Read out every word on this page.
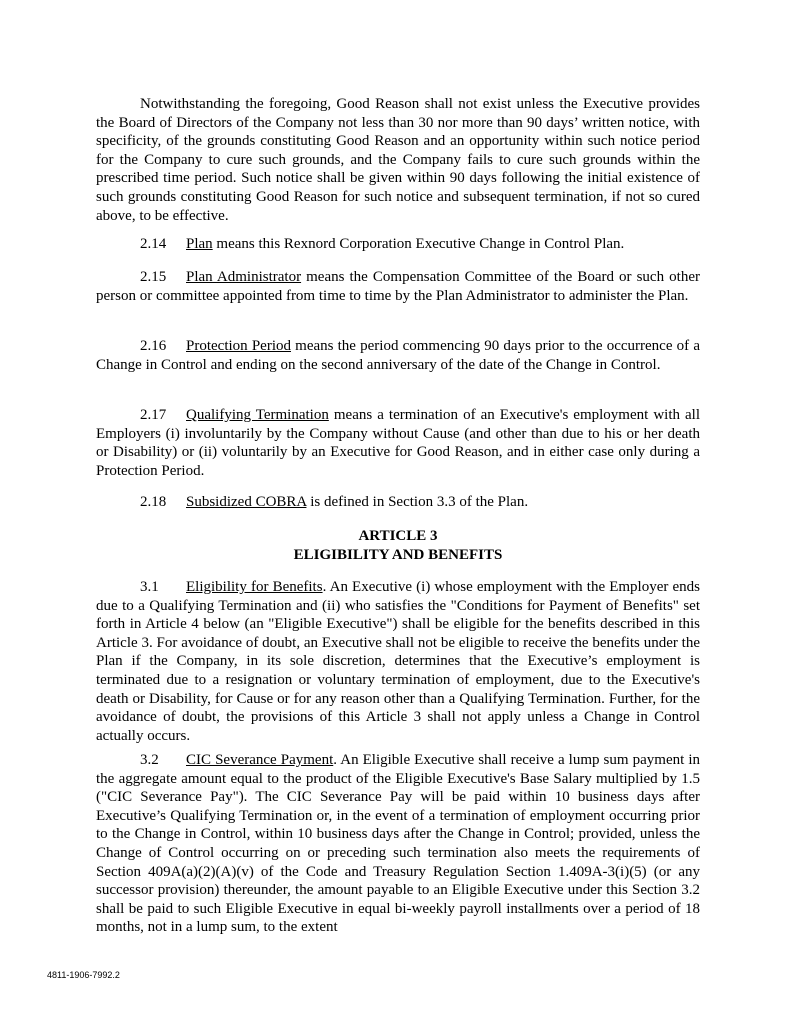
Notwithstanding the foregoing, Good Reason shall not exist unless the Executive provides the Board of Directors of the Company not less than 30 nor more than 90 days’ written notice, with specificity, of the grounds constituting Good Reason and an opportunity within such notice period for the Company to cure such grounds, and the Company fails to cure such grounds within the prescribed time period. Such notice shall be given within 90 days following the initial existence of such grounds constituting Good Reason for such notice and subsequent termination, if not so cured above, to be effective.

2.14 Plan means this Rexnord Corporation Executive Change in Control Plan.

2.15 Plan Administrator means the Compensation Committee of the Board or such other person or committee appointed from time to time by the Plan Administrator to administer the Plan.

2.16 Protection Period means the period commencing 90 days prior to the occurrence of a Change in Control and ending on the second anniversary of the date of the Change in Control.

2.17 Qualifying Termination means a termination of an Executive's employment with all Employers (i) involuntarily by the Company without Cause (and other than due to his or her death or Disability) or (ii) voluntarily by an Executive for Good Reason, and in either case only during a Protection Period.

2.18 Subsidized COBRA is defined in Section 3.3 of the Plan.

ARTICLE 3

ELIGIBILITY AND BENEFITS

3.1 Eligibility for Benefits. An Executive (i) whose employment with the Employer ends due to a Qualifying Termination and (ii) who satisfies the "Conditions for Payment of Benefits" set forth in Article 4 below (an "Eligible Executive") shall be eligible for the benefits described in this Article 3. For avoidance of doubt, an Executive shall not be eligible to receive the benefits under the Plan if the Company, in its sole discretion, determines that the Executive’s employment is terminated due to a resignation or voluntary termination of employment, due to the Executive's death or Disability, for Cause or for any reason other than a Qualifying Termination. Further, for the avoidance of doubt, the provisions of this Article 3 shall not apply unless a Change in Control actually occurs.

3.2 CIC Severance Payment. An Eligible Executive shall receive a lump sum payment in the aggregate amount equal to the product of the Eligible Executive's Base Salary multiplied by 1.5 ("CIC Severance Pay"). The CIC Severance Pay will be paid within 10 business days after Executive’s Qualifying Termination or, in the event of a termination of employment occurring prior to the Change in Control, within 10 business days after the Change in Control; provided, unless the Change of Control occurring on or preceding such termination also meets the requirements of Section 409A(a)(2)(A)(v) of the Code and Treasury Regulation Section 1.409A-3(i)(5) (or any successor provision) thereunder, the amount payable to an Eligible Executive under this Section 3.2 shall be paid to such Eligible Executive in equal bi-weekly payroll installments over a period of 18 months, not in a lump sum, to the extent

4811-1906-7992.2
